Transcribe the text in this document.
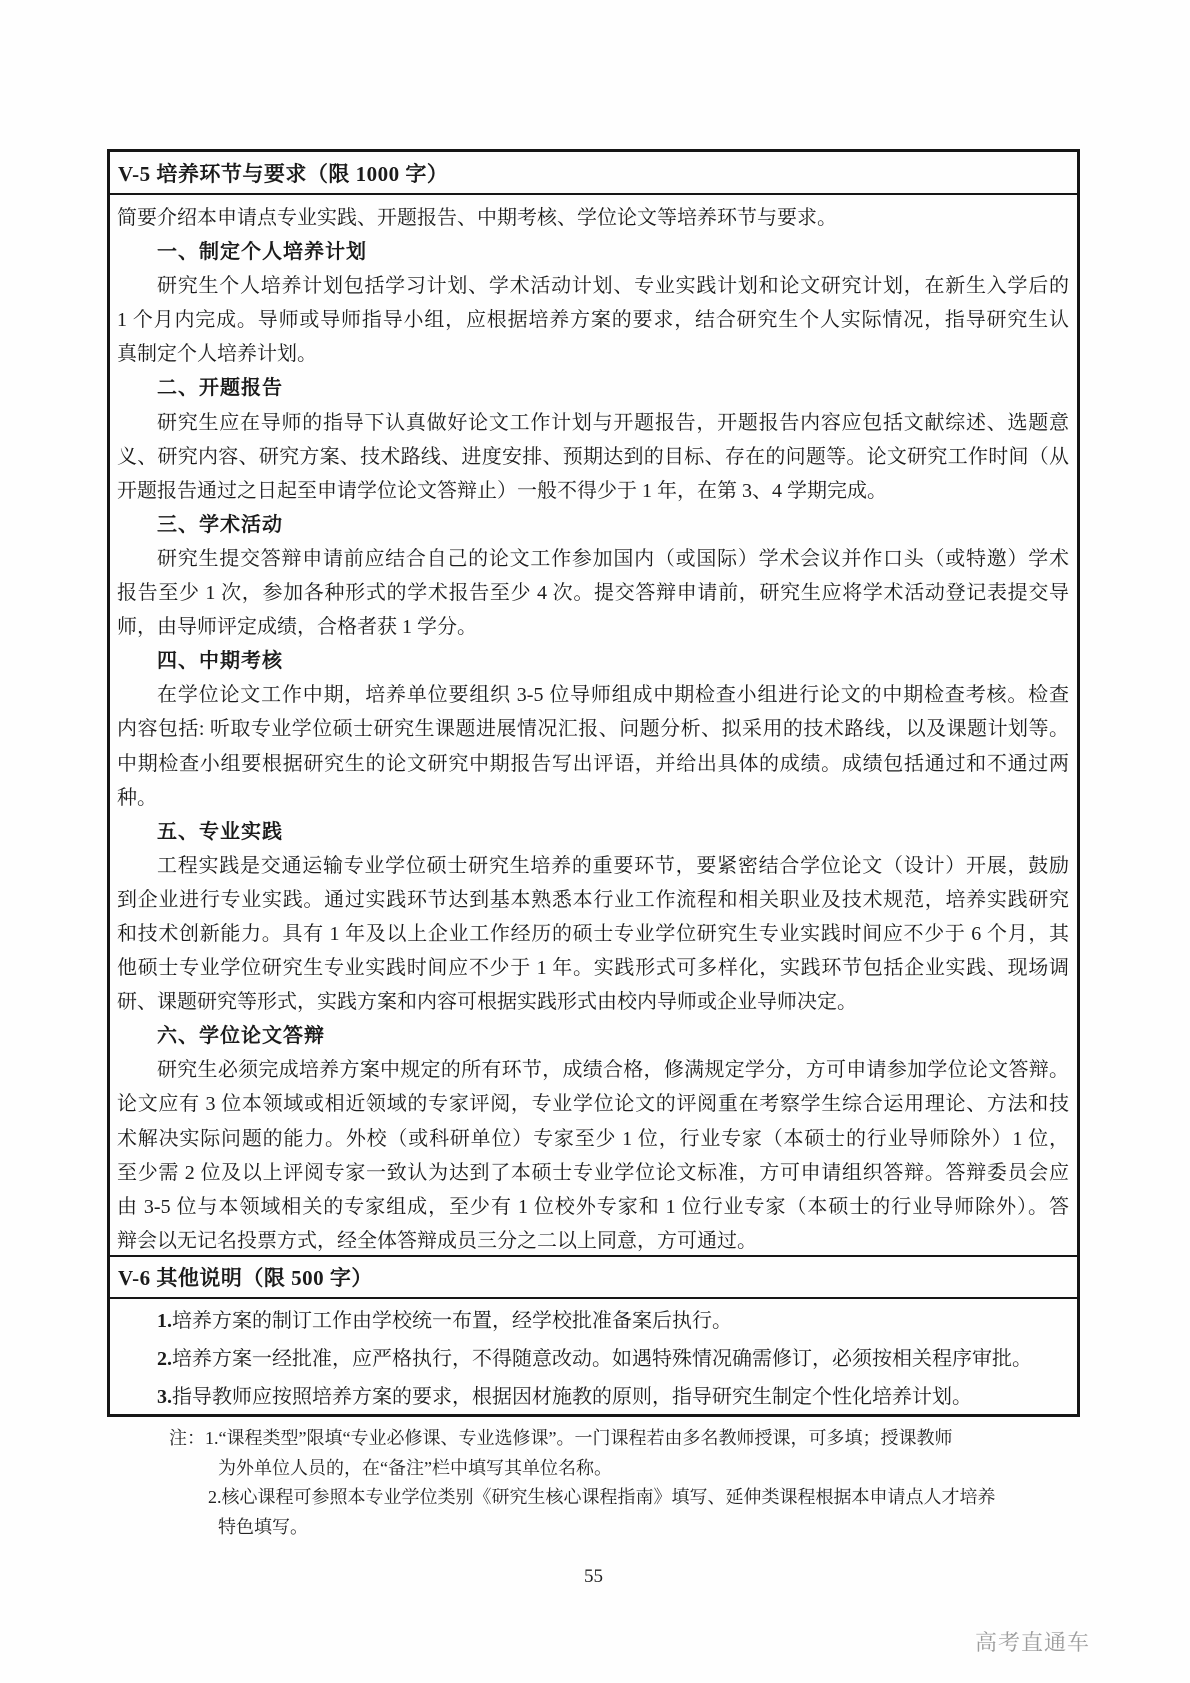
V-5 培养环节与要求（限 1000 字）
简要介绍本申请点专业实践、开题报告、中期考核、学位论文等培养环节与要求。
一、制定个人培养计划
研究生个人培养计划包括学习计划、学术活动计划、专业实践计划和论文研究计划，在新生入学后的
1 个月内完成。导师或导师指导小组，应根据培养方案的要求，结合研究生个人实际情况，指导研究生认
真制定个人培养计划。
二、开题报告
研究生应在导师的指导下认真做好论文工作计划与开题报告，开题报告内容应包括文献综述、选题意
义、研究内容、研究方案、技术路线、进度安排、预期达到的目标、存在的问题等。论文研究工作时间（从
开题报告通过之日起至申请学位论文答辩止）一般不得少于 1 年，在第 3、4 学期完成。
三、学术活动
研究生提交答辩申请前应结合自己的论文工作参加国内（或国际）学术会议并作口头（或特邀）学术
报告至少 1 次，参加各种形式的学术报告至少 4 次。提交答辩申请前，研究生应将学术活动登记表提交导
师，由导师评定成绩，合格者获 1 学分。
四、中期考核
在学位论文工作中期，培养单位要组织 3-5 位导师组成中期检查小组进行论文的中期检查考核。检查
内容包括: 听取专业学位硕士研究生课题进展情况汇报、问题分析、拟采用的技术路线，以及课题计划等。
中期检查小组要根据研究生的论文研究中期报告写出评语，并给出具体的成绩。成绩包括通过和不通过两
种。
五、专业实践
工程实践是交通运输专业学位硕士研究生培养的重要环节，要紧密结合学位论文（设计）开展，鼓励
到企业进行专业实践。通过实践环节达到基本熟悉本行业工作流程和相关职业及技术规范，培养实践研究
和技术创新能力。具有 1 年及以上企业工作经历的硕士专业学位研究生专业实践时间应不少于 6 个月，其
他硕士专业学位研究生专业实践时间应不少于 1 年。实践形式可多样化，实践环节包括企业实践、现场调
研、课题研究等形式，实践方案和内容可根据实践形式由校内导师或企业导师决定。
六、学位论文答辩
研究生必须完成培养方案中规定的所有环节，成绩合格，修满规定学分，方可申请参加学位论文答辩。
论文应有 3 位本领域或相近领域的专家评阅，专业学位论文的评阅重在考察学生综合运用理论、方法和技
术解决实际问题的能力。外校（或科研单位）专家至少 1 位，行业专家（本硕士的行业导师除外）1 位，
至少需 2 位及以上评阅专家一致认为达到了本硕士专业学位论文标准，方可申请组织答辩。答辩委员会应
由 3-5 位与本领域相关的专家组成，至少有 1 位校外专家和 1 位行业专家（本硕士的行业导师除外）。答
辩会以无记名投票方式，经全体答辩成员三分之二以上同意，方可通过。
V-6 其他说明（限 500 字）
1.培养方案的制订工作由学校统一布置，经学校批准备案后执行。
2.培养方案一经批准，应严格执行，不得随意改动。如遇特殊情况确需修订，必须按相关程序审批。
3.指导教师应按照培养方案的要求，根据因材施教的原则，指导研究生制定个性化培养计划。
注：1.“课程类型”限填“专业必修课、专业选修课”。一门课程若由多名教师授课，可多填；授课教师
为外单位人员的，在“备注”栏中填写其单位名称。
2.核心课程可参照本专业学位类别《研究生核心课程指南》填写、延伸类课程根据本申请点人才培养
特色填写。
55
高考直通车
